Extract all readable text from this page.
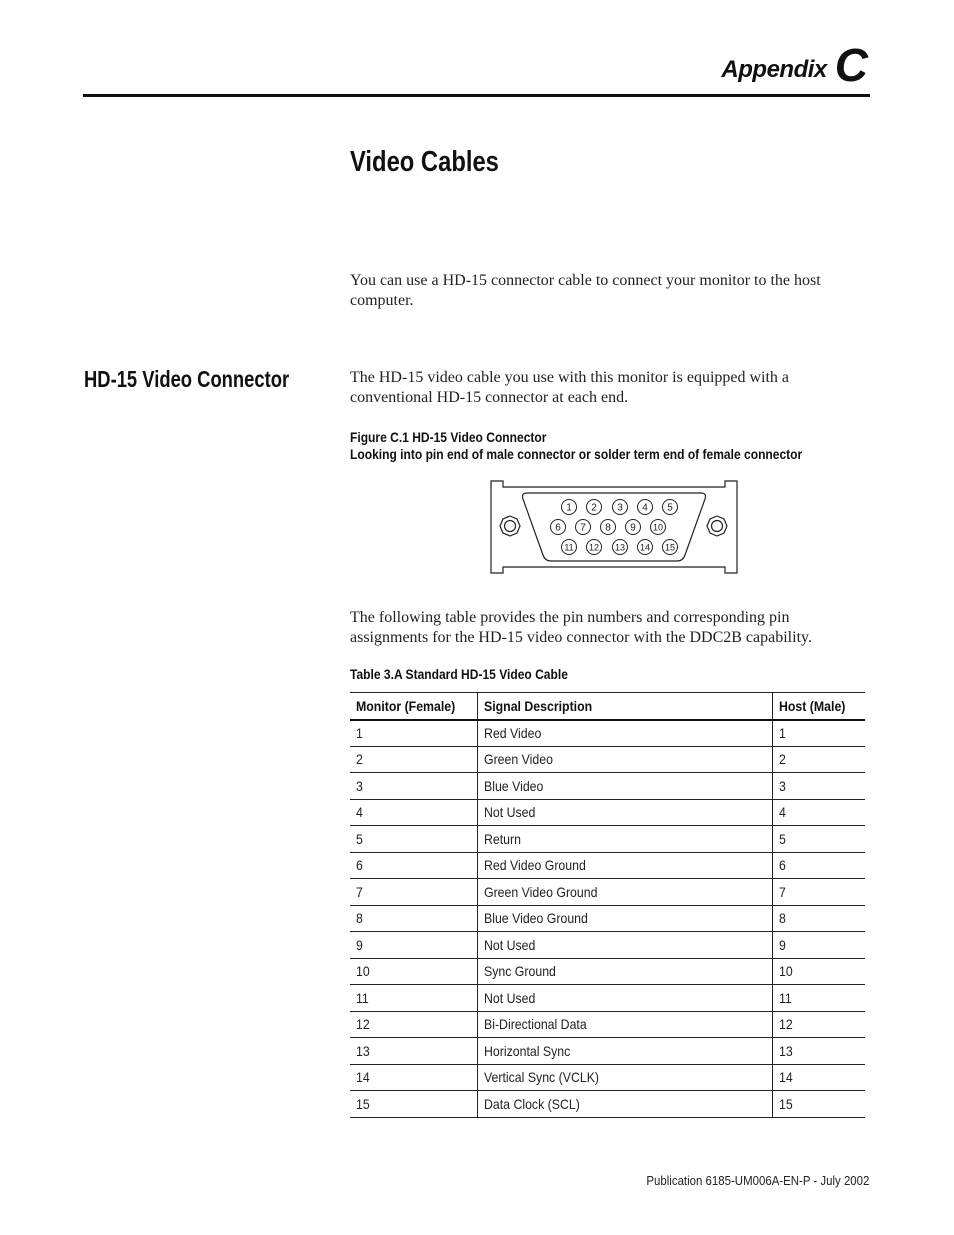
Appendix C
Video Cables

You can use a HD-15 connector cable to connect your monitor to the host computer.

HD-15 Video Connector	The HD-15 video cable you use with this monitor is equipped with a conventional HD-15 connector at each end.

Figure C.1 HD-15 Video Connector

Looking into pin end of male connector or solder term end of female connector

1 2 3 4 5
6 7 8 9 10
11 12 13 14 15

The following table provides the pin numbers and corresponding pin assignments for the HD-15 video connector with the DDC2B capability.

Table 3.A Standard HD-15 Video Cable

Monitor (Female)	Signal Description	Host (Male)
1	Red Video	1
2	Green Video	2
3	Blue Video	3
4	Not Used	4
5	Return	5
6	Red Video Ground	6
7	Green Video Ground	7
8	Blue Video Ground	8
9	Not Used	9
10	Sync Ground	10
11	Not Used	11
12	Bi-Directional Data	12
13	Horizontal Sync	13
14	Vertical Sync (VCLK)	14
15	Data Clock (SCL)	15
Publication 6185-UM006A-EN-P - July 2002
